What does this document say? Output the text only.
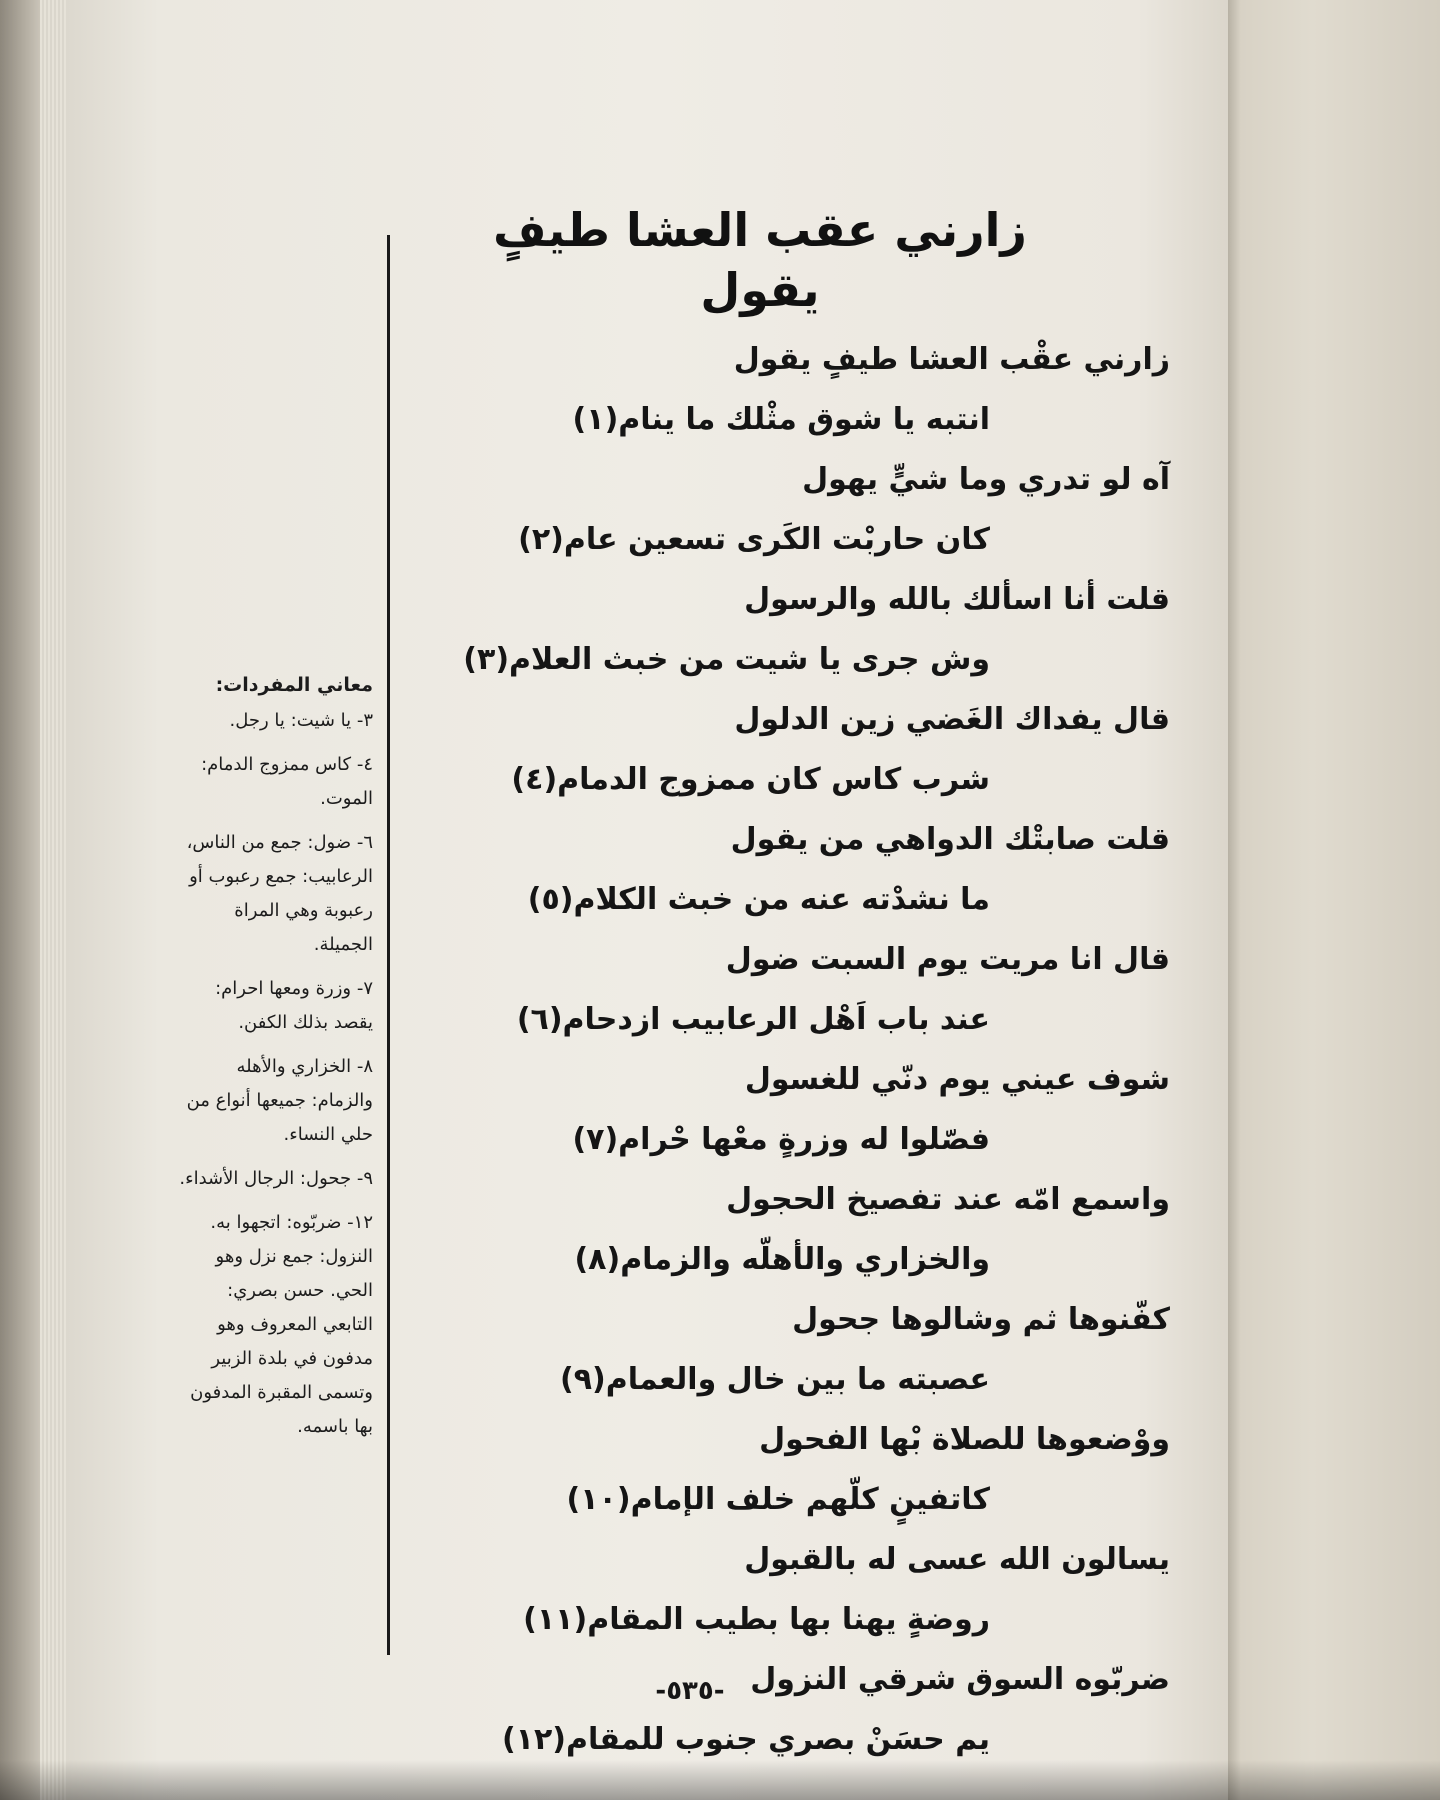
زارني عقب العشا طيفٍ يقول
زارني عقْب العشا طيفٍ يقول
انتبه يا شوق مثْلك ما ينام(١)
آه لو تدري وما شيٍّ يهول
كان حاربْت الكَرى تسعين عام(٢)
قلت أنا اسألك بالله والرسول
وش جرى يا شيت من خبث العلام(٣)
قال يفداك الغَضي زين الدلول
شرب كاس كان ممزوج الدمام(٤)
قلت صابتْك الدواهي من يقول
ما نشدْته عنه من خبث الكلام(٥)
قال انا مريت يوم السبت ضول
عند باب اَهْل الرعابيب ازدحام(٦)
شوف عيني يوم دنّي للغسول
فصّلوا له وزرةٍ معْها حْرام(٧)
واسمع امّه عند تفصيخ الحجول
والخزاري والأهلّه والزمام(٨)
كفّنوها ثم وشالوها جحول
عصبته ما بين خال والعمام(٩)
ووْضعوها للصلاة بْها الفحول
كاتفينٍ كلّهم خلف الإمام(١٠)
يسالون الله عسى له بالقبول
روضةٍ يهنا بها بطيب المقام(١١)
ضربّوه السوق شرقي النزول
يم حسَنْ بصري جنوب للمقام(١٢)
معاني المفردات:
٣- يا شيت: يا رجل.
٤- كاس ممزوج الدمام: الموت.
٦- ضول: جمع من الناس، الرعابيب: جمع رعبوب أو رعبوبة وهي المراة الجميلة.
٧- وزرة ومعها احرام: يقصد بذلك الكفن.
٨- الخزاري والأهله والزمام: جميعها أنواع من حلي النساء.
٩- جحول: الرجال الأشداء.
١٢- ضربّوه: اتجهوا به. النزول: جمع نزل وهو الحي. حسن بصري: التابعي المعروف وهو مدفون في بلدة الزبير وتسمى المقبرة المدفون بها باسمه.
-٥٣٥-
